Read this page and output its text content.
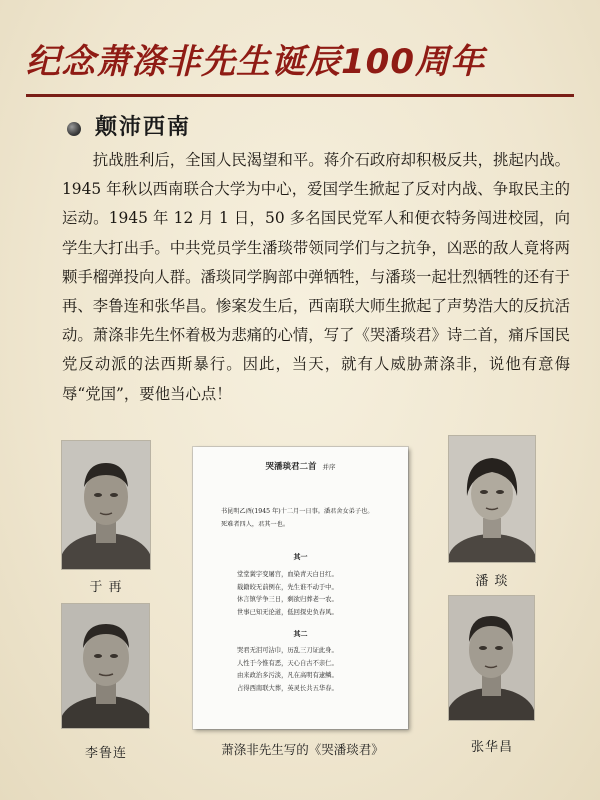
纪念萧涤非先生诞辰100周年
颠沛西南

抗战胜利后，全国人民渴望和平。蒋介石政府却积极反共，挑起内战。1945 年秋以西南联合大学为中心，爱国学生掀起了反对内战、争取民主的运动。1945 年 12 月 1 日，50 多名国民党军人和便衣特务闯进校园，向学生大打出手。中共党员学生潘琰带领同学们与之抗争，凶恶的敌人竟将两颗手榴弹投向人群。潘琰同学胸部中弹牺牲，与潘琰一起壮烈牺牲的还有于再、李鲁连和张华昌。惨案发生后，西南联大师生掀起了声势浩大的反抗活动。萧涤非先生怀着极为悲痛的心情，写了《哭潘琰君》诗二首，痛斥国民党反动派的法西斯暴行。因此，当天，就有人威胁萧涤非，说他有意侮辱“党国”，要他当心点！

于 再
李鲁连
潘 琰
张华昌
哭潘琰君二首 并序
书昆明乙酉(1945 年)十二月一日事。潘君舍女弟子也。
死难者四人，君其一也。
其一
堂堂黉宇变屠宫，血染青天白日红。
载籍皎无前例在，先生谁不动于中。
休言镇学争三日，剩欲归葬老一农。
世事已知无论道，低回探史负春风。
其二
哭君无泪可沾巾，历乱三刀证此身。
人性于今惟有恶，天心自古不亲仁。
由来政治多污淡，凡在高明有逮鳞。
占得西南联大葬，英灵长共五华春。
萧涤非先生写的《哭潘琰君》
